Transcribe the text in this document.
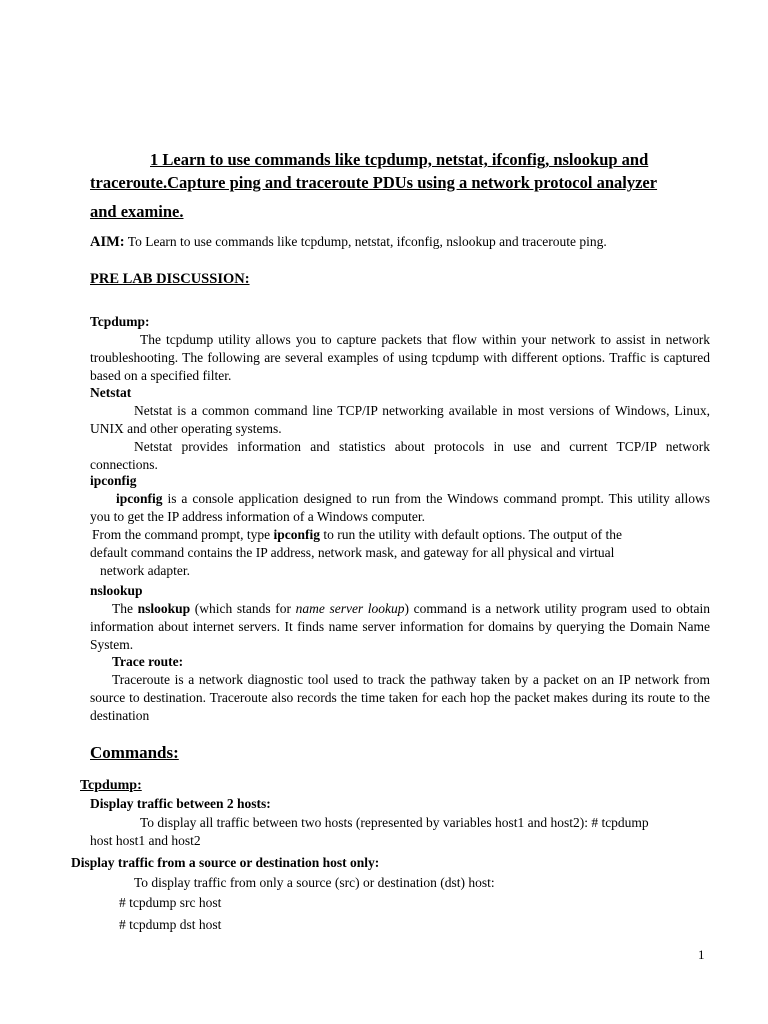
1 Learn to use commands like tcpdump, netstat, ifconfig, nslookup and
traceroute.Capture ping and traceroute PDUs using a network protocol analyzer
and examine.

AIM: To Learn to use commands like tcpdump, netstat, ifconfig, nslookup and traceroute ping.

PRE LAB DISCUSSION:

Tcpdump:

The tcpdump utility allows you to capture packets that flow within your network to assist in network troubleshooting. The following are several examples of using tcpdump with different options. Traffic is captured based on a specified filter.

Netstat

Netstat is a common command line TCP/IP networking available in most versions of Windows, Linux, UNIX and other operating systems.

Netstat provides information and statistics about protocols in use and current TCP/IP network connections.

ipconfig

ipconfig is a console application designed to run from the Windows command prompt. This utility allows you to get the IP address information of a Windows computer.

From the command prompt, type ipconfig to run the utility with default options. The output of the

default command contains the IP address, network mask, and gateway for all physical and virtual

network adapter.

nslookup

The nslookup (which stands for name server lookup) command is a network utility program used to obtain information about internet servers. It finds name server information for domains by querying the Domain Name System.

Trace route:

Traceroute is a network diagnostic tool used to track the pathway taken by a packet on an IP network from source to destination. Traceroute also records the time taken for each hop the packet makes during its route to the destination

Commands:

Tcpdump:

Display traffic between 2 hosts:

To display all traffic between two hosts (represented by variables host1 and host2): # tcpdump

host host1 and host2

Display traffic from a source or destination host only:

To display traffic from only a source (src) or destination (dst) host:

# tcpdump src host

# tcpdump dst host

1
